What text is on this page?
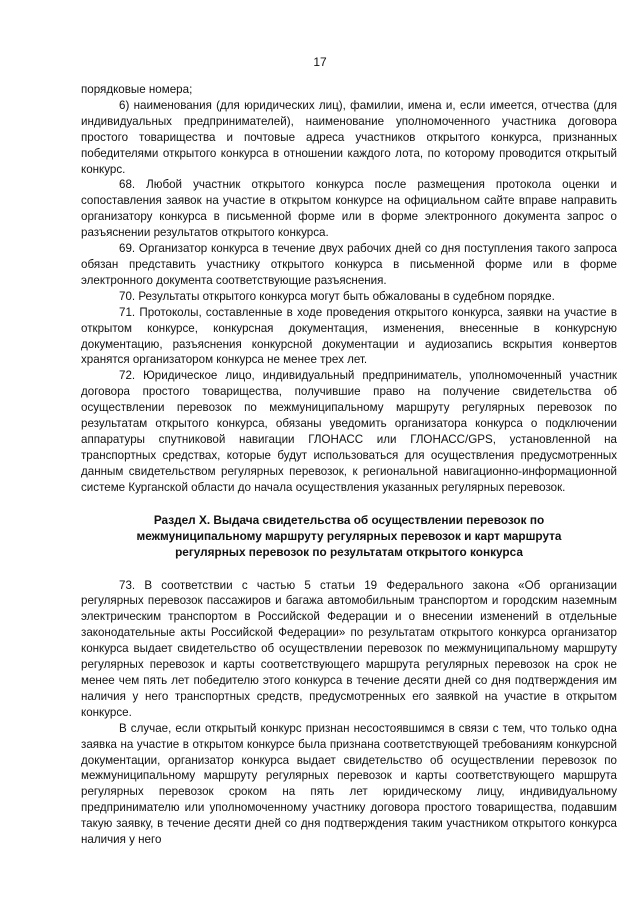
17

порядковые номера;

6) наименования (для юридических лиц), фамилии, имена и, если имеется, отчества (для индивидуальных предпринимателей), наименование уполномоченного участника договора простого товарищества и почтовые адреса участников открытого конкурса, признанных победителями открытого конкурса в отношении каждого лота, по которому проводится открытый конкурс.

68. Любой участник открытого конкурса после размещения протокола оценки и сопоставления заявок на участие в открытом конкурсе на официальном сайте вправе направить организатору конкурса в письменной форме или в форме электронного документа запрос о разъяснении результатов открытого конкурса.

69. Организатор конкурса в течение двух рабочих дней со дня поступления такого запроса обязан представить участнику открытого конкурса в письменной форме или в форме электронного документа соответствующие разъяснения.

70. Результаты открытого конкурса могут быть обжалованы в судебном порядке.

71. Протоколы, составленные в ходе проведения открытого конкурса, заявки на участие в открытом конкурсе, конкурсная документация, изменения, внесенные в конкурсную документацию, разъяснения конкурсной документации и аудиозапись вскрытия конвертов хранятся организатором конкурса не менее трех лет.

72. Юридическое лицо, индивидуальный предприниматель, уполномоченный участник договора простого товарищества, получившие право на получение свидетельства об осуществлении перевозок по межмуниципальному маршруту регулярных перевозок по результатам открытого конкурса, обязаны уведомить организатора конкурса о подключении аппаратуры спутниковой навигации ГЛОНАСС или ГЛОНАСС/GPS, установленной на транспортных средствах, которые будут использоваться для осуществления предусмотренных данным свидетельством регулярных перевозок, к региональной навигационно-информационной системе Курганской области до начала осуществления указанных регулярных перевозок.

Раздел X. Выдача свидетельства об осуществлении перевозок по
межмуниципальному маршруту регулярных перевозок и карт маршрута
регулярных перевозок по результатам открытого конкурса

73. В соответствии с частью 5 статьи 19 Федерального закона «Об организации регулярных перевозок пассажиров и багажа автомобильным транспортом и городским наземным электрическим транспортом в Российской Федерации и о внесении изменений в отдельные законодательные акты Российской Федерации» по результатам открытого конкурса организатор конкурса выдает свидетельство об осуществлении перевозок по межмуниципальному маршруту регулярных перевозок и карты соответствующего маршрута регулярных перевозок на срок не менее чем пять лет победителю этого конкурса в течение десяти дней со дня подтверждения им наличия у него транспортных средств, предусмотренных его заявкой на участие в открытом конкурсе.

В случае, если открытый конкурс признан несостоявшимся в связи с тем, что только одна заявка на участие в открытом конкурсе была признана соответствующей требованиям конкурсной документации, организатор конкурса выдает свидетельство об осуществлении перевозок по межмуниципальному маршруту регулярных перевозок и карты соответствующего маршрута регулярных перевозок сроком на пять лет юридическому лицу, индивидуальному предпринимателю или уполномоченному участнику договора простого товарищества, подавшим такую заявку, в течение десяти дней со дня подтверждения таким участником открытого конкурса наличия у него
